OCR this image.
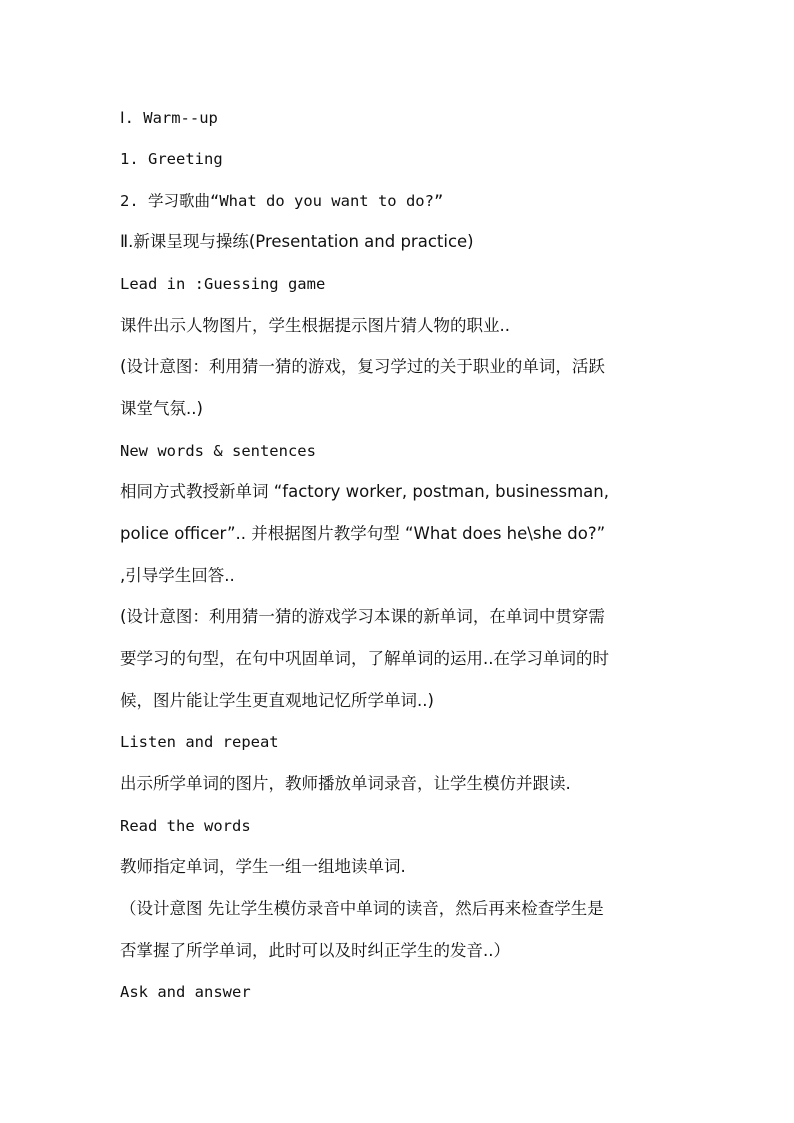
Ⅰ. Warm--up
1. Greeting
2. 学习歌曲“What do you want to do?”
Ⅱ.新课呈现与操练(Presentation and practice)
Lead in :Guessing game
课件出示人物图片，学生根据提示图片猜人物的职业..
(设计意图：利用猜一猜的游戏，复习学过的关于职业的单词，活跃
课堂气氛..)
New words & sentences
相同方式教授新单词 “factory worker, postman, businessman,
police officer”.. 并根据图片教学句型 “What does he\she do?”
,引导学生回答..
(设计意图：利用猜一猜的游戏学习本课的新单词，在单词中贯穿需
要学习的句型，在句中巩固单词，了解单词的运用..在学习单词的时
候，图片能让学生更直观地记忆所学单词..)
Listen and repeat
出示所学单词的图片，教师播放单词录音，让学生模仿并跟读.
Read the words
教师指定单词，学生一组一组地读单词.
（设计意图 先让学生模仿录音中单词的读音，然后再来检查学生是
否掌握了所学单词，此时可以及时纠正学生的发音..）
Ask and answer
